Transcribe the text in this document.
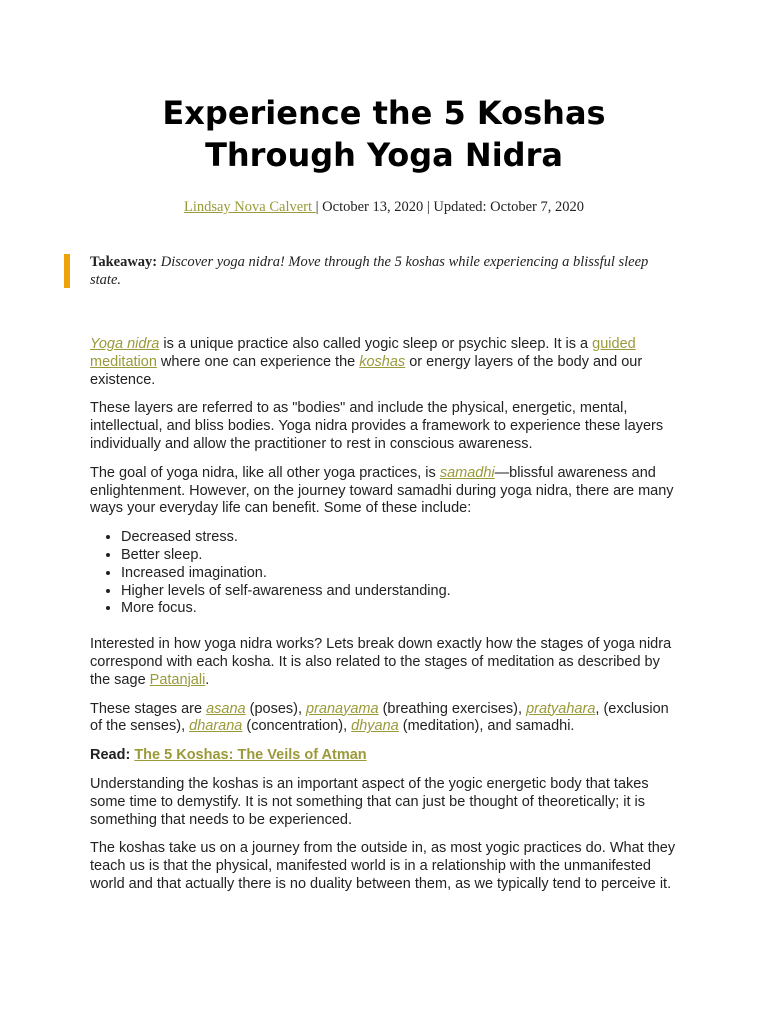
Experience the 5 Koshas
Through Yoga Nidra
Lindsay Nova Calvert | October 13, 2020 | Updated: October 7, 2020
Takeaway: Discover yoga nidra! Move through the 5 koshas while experiencing a blissful sleep state.

Yoga nidra is a unique practice also called yogic sleep or psychic sleep. It is a guided meditation where one can experience the koshas or energy layers of the body and our existence.

These layers are referred to as "bodies" and include the physical, energetic, mental, intellectual, and bliss bodies. Yoga nidra provides a framework to experience these layers individually and allow the practitioner to rest in conscious awareness.

The goal of yoga nidra, like all other yoga practices, is samadhi—blissful awareness and enlightenment. However, on the journey toward samadhi during yoga nidra, there are many ways your everyday life can benefit. Some of these include:

• Decreased stress.
• Better sleep.
• Increased imagination.
• Higher levels of self-awareness and understanding.
• More focus.

Interested in how yoga nidra works? Lets break down exactly how the stages of yoga nidra correspond with each kosha. It is also related to the stages of meditation as described by the sage Patanjali.

These stages are asana (poses), pranayama (breathing exercises), pratyahara, (exclusion of the senses), dharana (concentration), dhyana (meditation), and samadhi.

Read: The 5 Koshas: The Veils of Atman

Understanding the koshas is an important aspect of the yogic energetic body that takes some time to demystify. It is not something that can just be thought of theoretically; it is something that needs to be experienced.

The koshas take us on a journey from the outside in, as most yogic practices do. What they teach us is that the physical, manifested world is in a relationship with the unmanifested world and that actually there is no duality between them, as we typically tend to perceive it.
